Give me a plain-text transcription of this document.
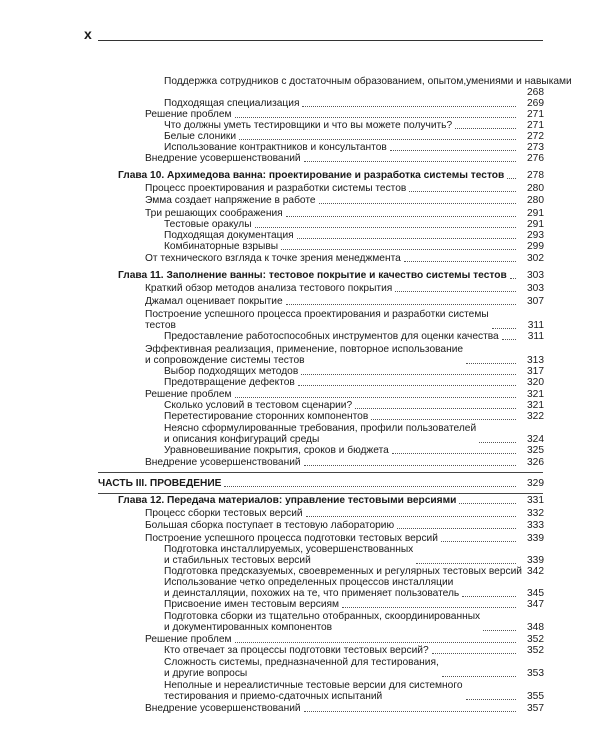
x
Поддержка сотрудников с достаточным образованием, опытом,умениями и навыками
268
Подходящая специализация	269
Решение проблем	271
Что должны уметь тестировщики и что вы можете получить?	271
Белые слоники	272
Использование контрактников и консультантов	273
Внедрение усовершенствований	276
Глава 10. Архимедова ванна: проектирование и разработка системы тестов	278
Процесс проектирования и разработки системы тестов	280
Эмма создает напряжение в работе	280
Три решающих соображения	291
Тестовые оракулы	291
Подходящая документация	293
Комбинаторные взрывы	299
От технического взгляда к точке зрения менеджмента	302
Глава 11. Заполнение ванны: тестовое покрытие и качество системы тестов	303
Краткий обзор методов анализа тестового покрытия	303
Джамал оценивает покрытие	307
Построение успешного процесса проектирования и разработки системы
тестов	311
Предоставление работоспособных инструментов для оценки качества	311
Эффективная реализация, применение, повторное использование
и сопровождение системы тестов	313
Выбор подходящих методов	317
Предотвращение дефектов	320
Решение проблем	321
Сколько условий в тестовом сценарии?	321
Перетестирование сторонних компонентов	322
Неясно сформулированные требования, профили пользователей
и описания конфигураций среды	324
Уравновешивание покрытия, сроков и бюджета	325
Внедрение усовершенствований	326
ЧАСТЬ III. ПРОВЕДЕНИЕ	329
Глава 12. Передача материалов: управление тестовыми версиями	331
Процесс сборки тестовых версий	332
Большая сборка поступает в тестовую лабораторию	333
Построение успешного процесса подготовки тестовых версий	339
Подготовка инсталлируемых, усовершенствованных
и стабильных тестовых версий	339
Подготовка предсказуемых, своевременных и регулярных тестовых версий 342
Использование четко определенных процессов инсталляции
и деинсталляции, похожих на те, что применяет пользователь	345
Присвоение имен тестовым версиям	347
Подготовка сборки из тщательно отобранных, скоординированных
и документированных компонентов	348
Решение проблем	352
Кто отвечает за процессы подготовки тестовых версий?	352
Сложность системы, предназначенной для тестирования,
и другие вопросы	353
Неполные и нереалистичные тестовые версии для системного
тестирования и приемо-сдаточных испытаний	355
Внедрение усовершенствований	357
